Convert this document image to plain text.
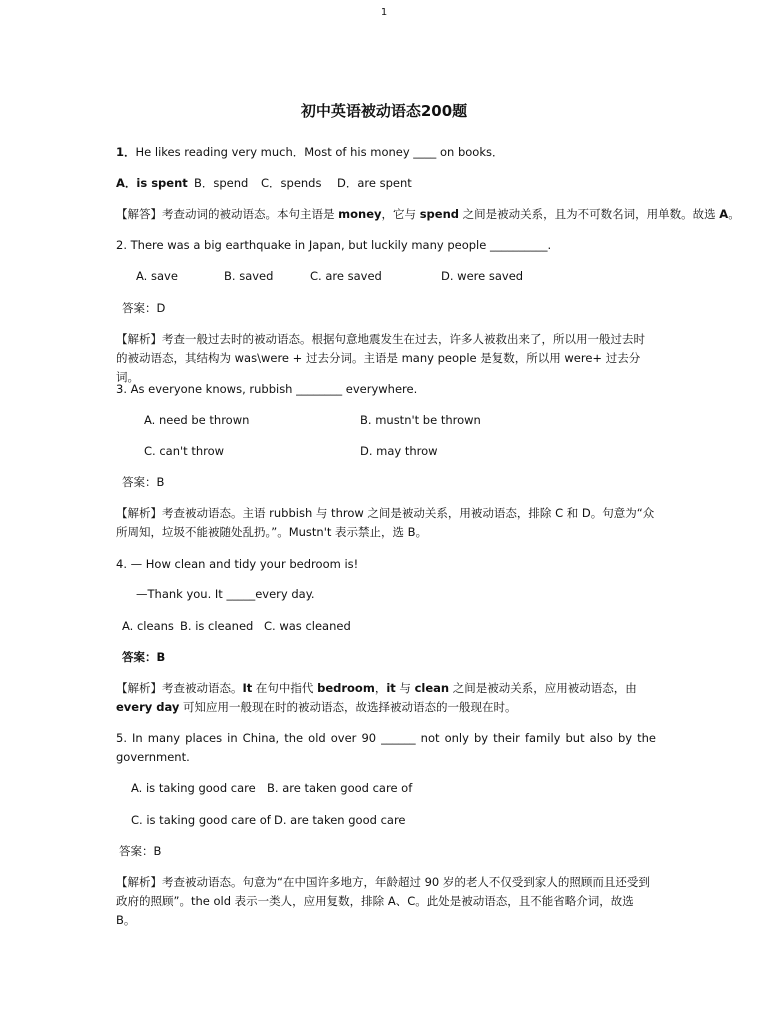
1
初中英语被动语态200题
1．He likes reading very much．Most of his money ____ on books．
A．is spent B．spend C．spends D．are spent
【解答】考查动词的被动语态。本句主语是 money，它与 spend 之间是被动关系，且为不可数名词，用单数。故选 A。
2. There was a big earthquake in Japan, but luckily many people __________.
A. save	B. saved	C. are saved	D. were saved
答案：D
【解析】考查一般过去时的被动语态。根据句意地震发生在过去，许多人被救出来了，所以用一般过去时的被动语态，其结构为 was\were + 过去分词。主语是 many people 是复数，所以用 were+ 过去分词。
3. As everyone knows, rubbish ________ everywhere.
A. need be thrown	B. mustn't be thrown
C. can't throw	D. may throw
答案：B
【解析】考查被动语态。主语 rubbish 与 throw 之间是被动关系，用被动语态，排除 C 和 D。句意为“众所周知，垃圾不能被随处乱扔。”。Mustn't 表示禁止，选 B。
4. — How clean and tidy your bedroom is!
—Thank you. It _____every day.
A. cleans B. is cleaned C. was cleaned
答案：B
【解析】考查被动语态。It 在句中指代 bedroom，it 与 clean 之间是被动关系，应用被动语态，由 every day 可知应用一般现在时的被动语态，故选择被动语态的一般现在时。
5. In many places in China, the old over 90 ______ not only by their family but also by the government.
A. is taking good care B. are taken good care of
C. is taking good care of D. are taken good care
答案：B
【解析】考查被动语态。句意为“在中国许多地方，年龄超过 90 岁的老人不仅受到家人的照顾而且还受到政府的照顾”。the old 表示一类人，应用复数，排除 A、C。此处是被动语态，且不能省略介词，故选 B。
